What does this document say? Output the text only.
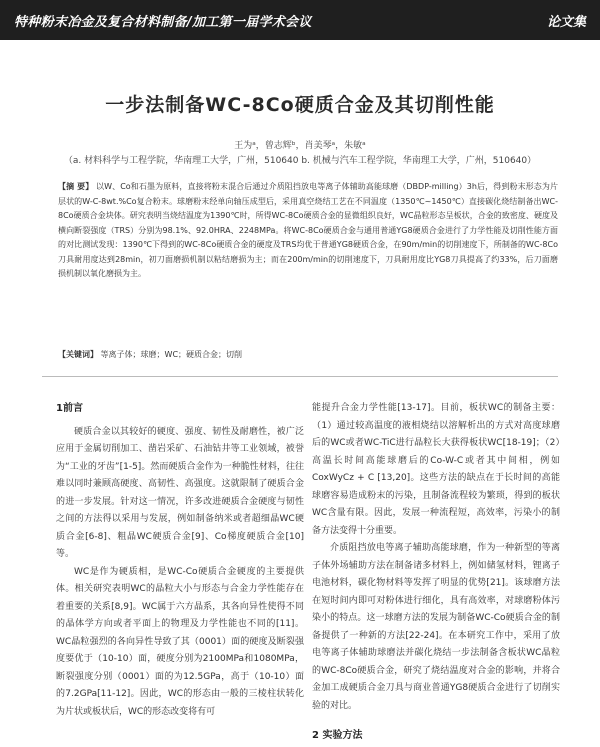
特种粉末冶金及复合材料制备/加工第一届学术会议	论文集
一步法制备WC-8Co硬质合金及其切削性能
王为ᵃ，曾志辉ᵇ，肖美琴ᵃ，朱敏ᵃ
（a. 材料科学与工程学院，华南理工大学，广州，510640 b. 机械与汽车工程学院，华南理工大学，广州，510640）
【摘 要】 以W、Co和石墨为原料，直接将粉末混合后通过介质阻挡放电等离子体辅助高能球磨（DBDP-milling）3h后，得到粉末形态为片层状的W-C-8wt.%Co复合粉末。球磨粉末经单向轴压成型后，采用真空烧结工艺在不同温度（1350℃~1450℃）直接碳化烧结制备出WC-8Co硬质合金块体。研究表明当烧结温度为1390℃时，所得WC-8Co硬质合金的显微组织良好，WC晶粒形态呈板状，合金的致密度、硬度及横向断裂强度（TRS）分别为98.1%、92.0HRA、2248MPa。将WC-8Co硬质合金与通用普通YG8硬质合金进行了力学性能及切削性能方面的对比测试发现：1390℃下得到的WC-8Co硬质合金的硬度及TRS均优于普通YG8硬质合金，在90m/min的切削速度下，所制备的WC-8Co刀具耐用度达到28min，初刀面磨损机制以粘结磨损为主；而在200m/min的切削速度下，刀具耐用度比YG8刀具提高了约33%，后刀面磨损机制以氧化磨损为主。
【关键词】 等离子体；球磨；WC；硬质合金；切削
1前言

硬质合金以其较好的硬度、强度、韧性及耐磨性，被广泛应用于金属切削加工、凿岩采矿、石油钻井等工业领域，被誉为“工业的牙齿”[1-5]。然而硬质合金作为一种脆性材料，往往难以同时兼顾高硬度、高韧性、高强度。这就限制了硬质合金的进一步发展。针对这一情况，许多改进硬质合金硬度与韧性之间的方法得以采用与发展，例如制备纳米或者超细晶WC硬质合金[6-8]、粗晶WC硬质合金[9]、Co梯度硬质合金[10]等。

WC是作为硬质相，是WC-Co硬质合金硬度的主要提供体。相关研究表明WC的晶粒大小与形态与合金力学性能存在着重要的关系[8,9]。WC属于六方晶系，其各向异性使得不同的晶体学方向或者平面上的物理及力学性能也不同的[11]。WC晶粒强烈的各向异性导致了其（0001）面的硬度及断裂强度要优于（10-10）面，硬度分别为2100MPa和1080MPa，断裂强度分别（0001）面的为12.5GPa，高于（10-10）面的7.2GPa[11-12]。因此，WC的形态由一般的三棱柱状转化为片状或板状后，WC的形态改变将有可

能提升合金力学性能[13-17]。目前，板状WC的制备主要：（1）通过较高温度的液相烧结以溶解析出的方式对高度球磨后的WC或者WC-TiC进行晶粒长大获得板状WC[18-19]；（2）高温长时间高能球磨后的Co-W-C或者其中间相，例如CoxWyCz + C [13,20]。这些方法的缺点在于长时间的高能球磨容易造成粉末的污染，且制备流程较为繁琐，得到的板状WC含量有限。因此，发展一种流程短，高效率，污染小的制备方法变得十分重要。

介质阻挡放电等离子辅助高能球磨，作为一种新型的等离子体外场辅助方法在制备诸多材料上，例如储氢材料，锂离子电池材料，碳化物材料等发挥了明显的优势[21]。该球磨方法在短时间内即可对粉体进行细化，具有高效率，对球磨粉体污染小的特点。这一球磨方法的发展为制备WC-Co硬质合金的制备提供了一种新的方法[22-24]。在本研究工作中，采用了放电等离子体辅助球磨法并碳化烧结一步法制备含板状WC晶粒的WC-8Co硬质合金，研究了烧结温度对合金的影响，并将合金加工成硬质合金刀具与商业普通YG8硬质合金进行了切削实验的对比。

2 实验方法
